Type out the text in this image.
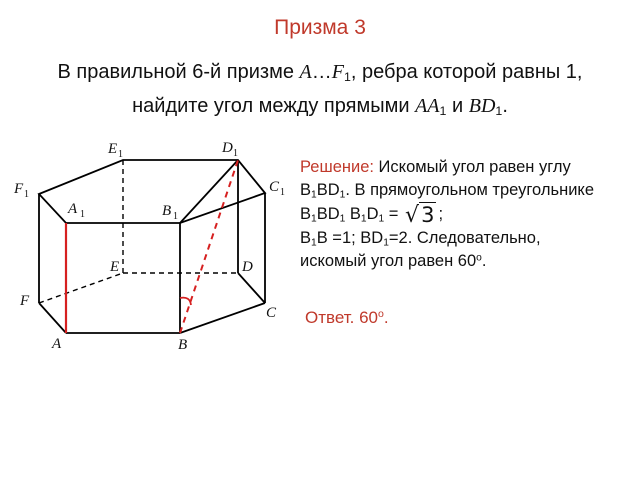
Призма 3
В правильной 6-й призме $A\dots F_1$, ребра которой равны 1, найдите угол между прямыми $AA_1$ и $BD_1$.
E 1	D 1
F 1	C 1
A 1	B 1
E	D
F
C
A	B
Решение: Искомый угол равен углу $B_1BD_1$. В прямоугольном треугольнике $B_1BD_1$ $B_1D_1 = √3$ ;
$B_1B =1$; $BD_1=2$. Следовательно, искомый угол равен $60^о$.
Ответ. $60^о$.
